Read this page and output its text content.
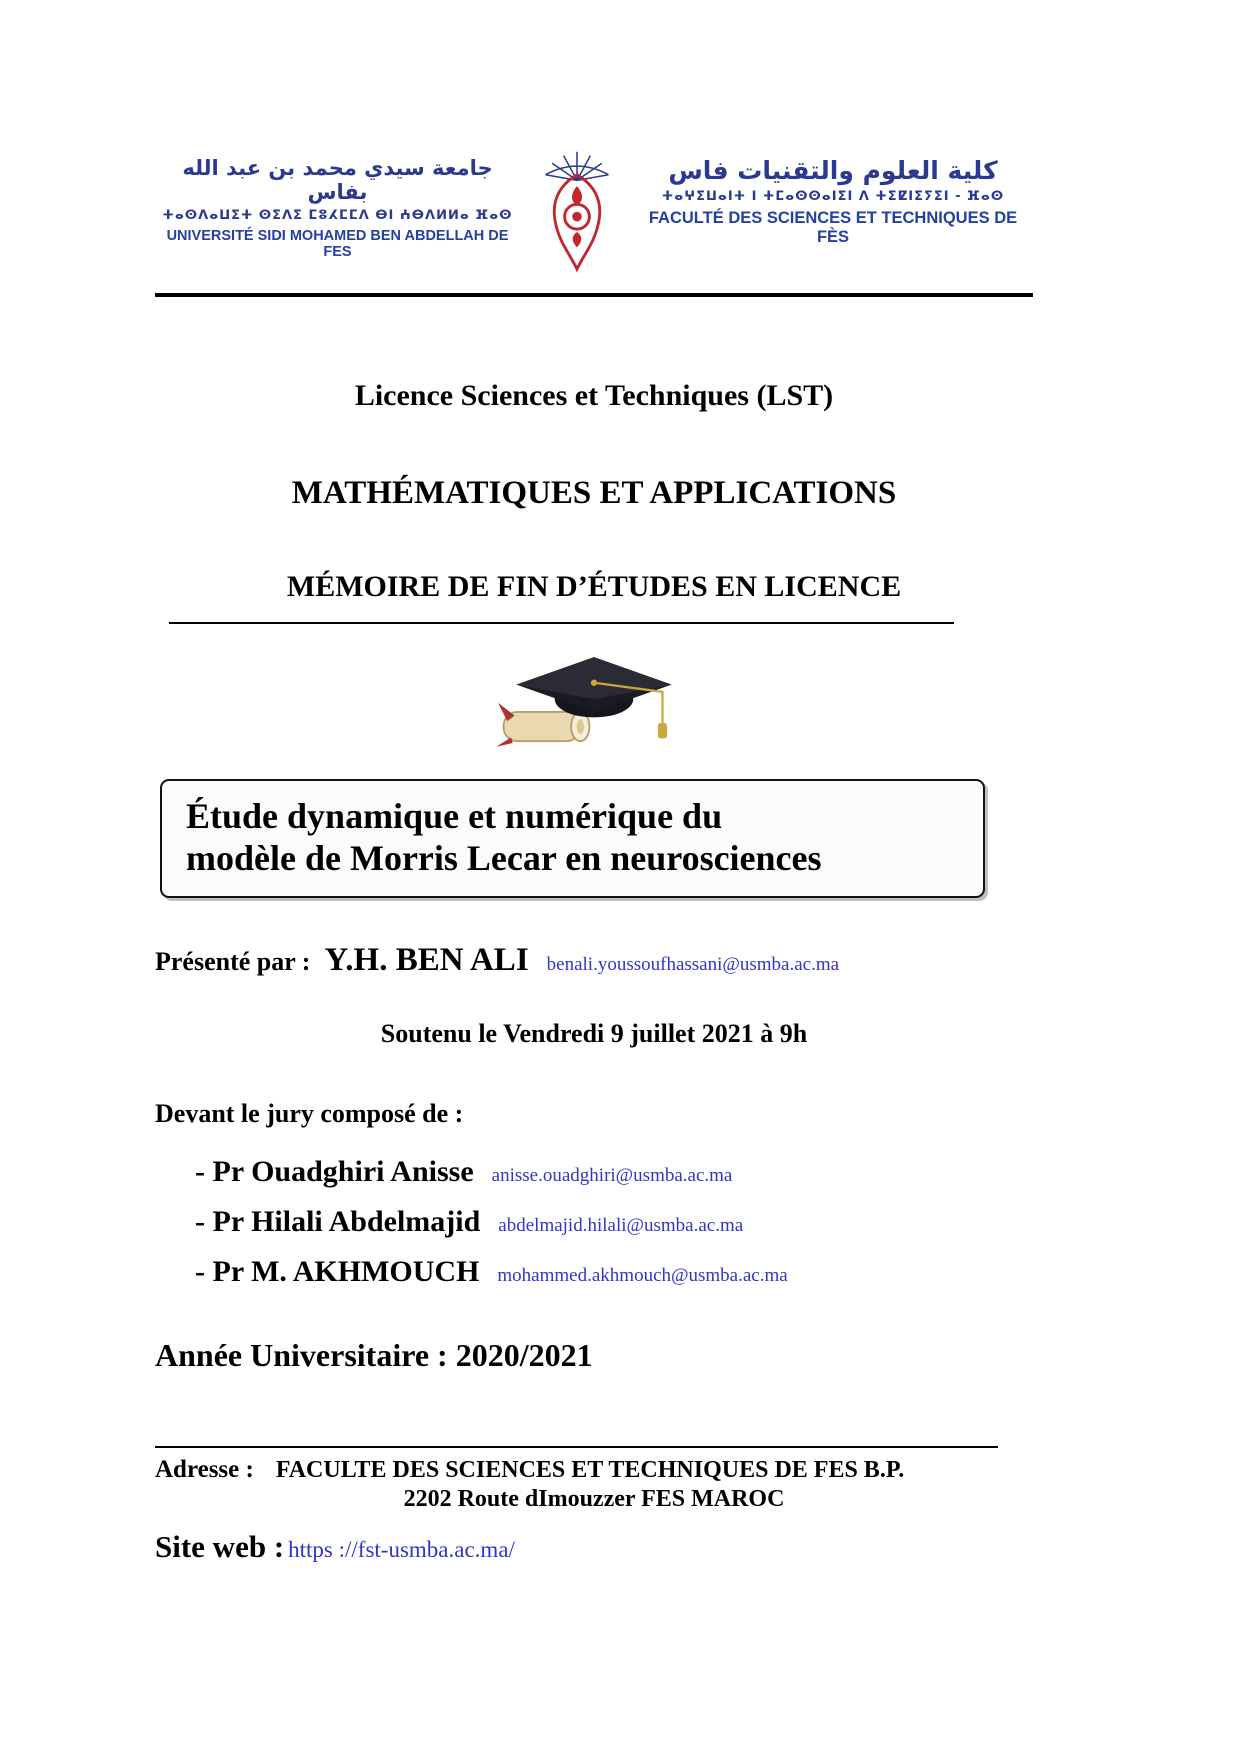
جامعة سيدي محمد بن عبد الله بفاس
ⵜⴰⵙⴷⴰⵡⵉⵜ ⵙⵉⴷⵉ ⵎⵓⵃⵎⵎⴷ ⴱⵏ ⵄⴱⴷⵍⵍⴰ ⴼⴰⵙ
UNIVERSITÉ SIDI MOHAMED BEN ABDELLAH DE FES
كلية العلوم والتقنيات فاس
ⵜⴰⵖⵉⵡⴰⵏⵜ ⵏ ⵜⵎⴰⵙⵙⴰⵏⵉⵏ ⴷ ⵜⵉⵇⵏⵉⵢⵉⵏ - ⴼⴰⵙ
FACULTÉ DES SCIENCES ET TECHNIQUES DE FÈS
Licence Sciences et Techniques (LST)
MATHÉMATIQUES ET APPLICATIONS
MÉMOIRE DE FIN D’ÉTUDES EN LICENCE
Étude dynamique et numérique du
modèle de Morris Lecar en neurosciences
Présenté par : Y.H. BEN ALI benali.youssoufhassani@usmba.ac.ma
Soutenu le Vendredi 9 juillet 2021 à 9h
Devant le jury composé de :
- Pr Ouadghiri Anisse anisse.ouadghiri@usmba.ac.ma
- Pr Hilali Abdelmajid abdelmajid.hilali@usmba.ac.ma
- Pr M. AKHMOUCH mohammed.akhmouch@usmba.ac.ma
Année Universitaire : 2020/2021
Adresse : FACULTE DES SCIENCES ET TECHNIQUES DE FES B.P.
2202 Route dImouzzer FES MAROC
Site web : https ://fst-usmba.ac.ma/
